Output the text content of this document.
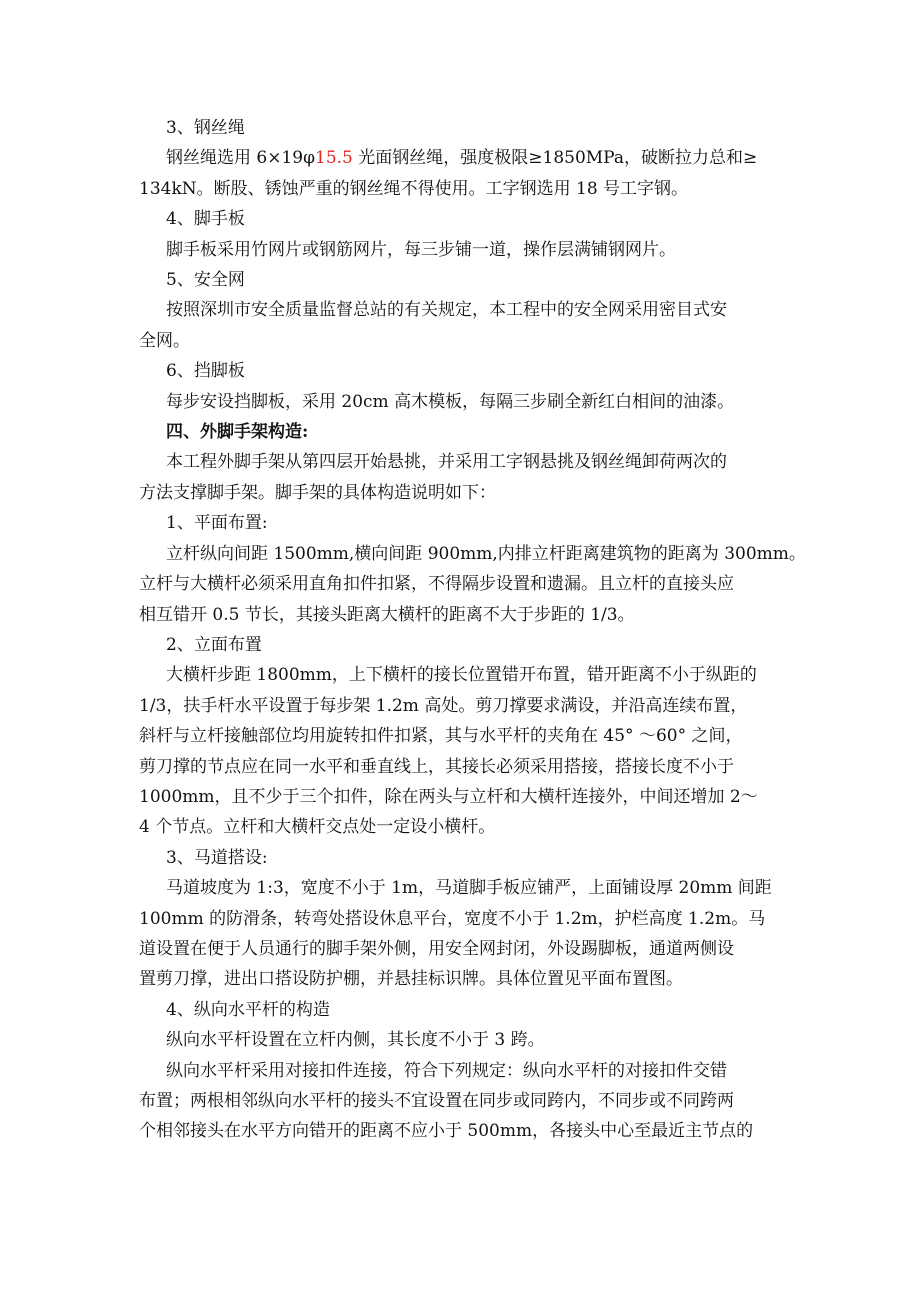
3、钢丝绳

钢丝绳选用 6×19φ15.5 光面钢丝绳，强度极限≥1850MPa，破断拉力总和≥

134kN。断股、锈蚀严重的钢丝绳不得使用。工字钢选用 18 号工字钢。

4、脚手板

脚手板采用竹网片或钢筋网片，每三步铺一道，操作层满铺钢网片。

5、安全网

按照深圳市安全质量监督总站的有关规定，本工程中的安全网采用密目式安

全网。

6、挡脚板

每步安设挡脚板，采用 20cm 高木模板，每隔三步刷全新红白相间的油漆。

四、外脚手架构造:

本工程外脚手架从第四层开始悬挑，并采用工字钢悬挑及钢丝绳卸荷两次的

方法支撑脚手架。脚手架的具体构造说明如下：

1、平面布置:

立杆纵向间距 1500mm,横向间距 900mm,内排立杆距离建筑物的距离为 300mm。

立杆与大横杆必须采用直角扣件扣紧，不得隔步设置和遗漏。且立杆的直接头应

相互错开 0.5 节长，其接头距离大横杆的距离不大于步距的 1/3。

2、立面布置

大横杆步距 1800mm，上下横杆的接长位置错开布置，错开距离不小于纵距的

1/3，扶手杆水平设置于每步架 1.2m 高处。剪刀撑要求满设，并沿高连续布置，

斜杆与立杆接触部位均用旋转扣件扣紧，其与水平杆的夹角在 45° ～60° 之间，

剪刀撑的节点应在同一水平和垂直线上，其接长必须采用搭接，搭接长度不小于

1000mm，且不少于三个扣件，除在两头与立杆和大横杆连接外，中间还增加 2～

4 个节点。立杆和大横杆交点处一定设小横杆。

3、马道搭设:

马道坡度为 1:3，宽度不小于 1m，马道脚手板应铺严，上面铺设厚 20mm 间距

100mm 的防滑条，转弯处搭设休息平台，宽度不小于 1.2m，护栏高度 1.2m。马

道设置在便于人员通行的脚手架外侧，用安全网封闭，外设踢脚板，通道两侧设

置剪刀撑，进出口搭设防护棚，并悬挂标识牌。具体位置见平面布置图。

4、纵向水平杆的构造

纵向水平杆设置在立杆内侧，其长度不小于 3 跨。

纵向水平杆采用对接扣件连接，符合下列规定：纵向水平杆的对接扣件交错

布置；两根相邻纵向水平杆的接头不宜设置在同步或同跨内，不同步或不同跨两

个相邻接头在水平方向错开的距离不应小于 500mm，各接头中心至最近主节点的
